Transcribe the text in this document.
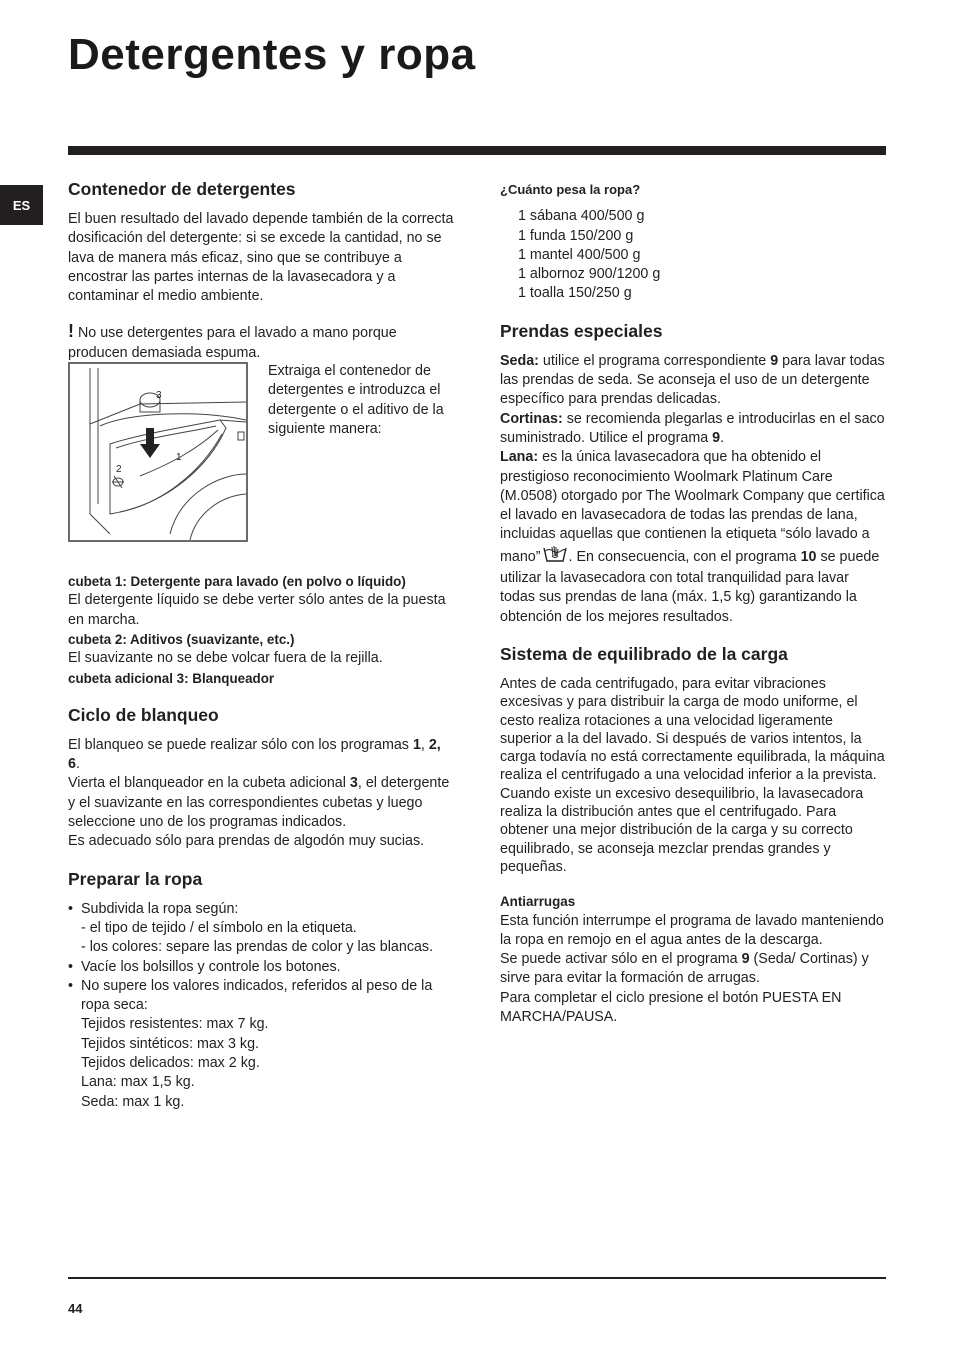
Detergentes y ropa
ES
Contenedor de detergentes

El buen resultado del lavado depende también de la correcta dosificación del detergente: si se excede la cantidad, no se lava de manera más eficaz, sino que se contribuye a encostrar las partes internas de la lavasecadora y a contaminar el medio ambiente.

! No use detergentes para el lavado a mano porque producen demasiada espuma.

3
2
1

Extraiga el contenedor de detergentes e introduzca el detergente o el aditivo de la siguiente manera:

cubeta 1: Detergente para lavado (en polvo o líquido)

El detergente líquido se debe verter sólo antes de la puesta en marcha.

cubeta 2: Aditivos (suavizante, etc.)

El suavizante no se debe volcar fuera de la rejilla.

cubeta adicional 3: Blanqueador

Ciclo de blanqueo

El blanqueo se puede realizar sólo con los programas 1, 2, 6.

Vierta el blanqueador en la cubeta adicional 3, el detergente y el suavizante en las correspondientes cubetas y luego seleccione uno de los programas indicados.

Es adecuado sólo para prendas de algodón muy sucias.

Preparar la ropa

• Subdivida la ropa según:

- el tipo de tejido / el símbolo en la etiqueta.

- los colores: separe las prendas de color y las blancas.

• Vacíe los bolsillos y controle los botones.

• No supere los valores indicados, referidos al peso de la ropa seca:

Tejidos resistentes: max 7 kg.
Tejidos sintéticos: max 3 kg.
Tejidos delicados: max 2 kg.
Lana: max 1,5 kg.
Seda: max 1 kg.

¿Cuánto pesa la ropa?

1 sábana 400/500 g
1 funda 150/200 g
1 mantel 400/500 g
1 albornoz 900/1200 g
1 toalla 150/250 g
Prendas especiales

Seda: utilice el programa correspondiente 9 para lavar todas las prendas de seda. Se aconseja el uso de un detergente específico para prendas delicadas.

Cortinas: se recomienda plegarlas e introducirlas en el saco suministrado. Utilice el programa 9.

Lana: es la única lavasecadora que ha obtenido el prestigioso reconocimiento Woolmark Platinum Care (M.0508) otorgado por The Woolmark Company que certifica el lavado en lavasecadora de todas las prendas de lana, incluidas aquellas que contienen la etiqueta “sólo lavado a mano” . En consecuencia, con el programa 10 se puede utilizar la lavasecadora con total tranquilidad para lavar todas sus prendas de lana (máx. 1,5 kg) garantizando la obtención de los mejores resultados.

Sistema de equilibrado de la carga

Antes de cada centrifugado, para evitar vibraciones excesivas y para distribuir la carga de modo uniforme, el cesto realiza rotaciones a una velocidad ligeramente superior a la del lavado. Si después de varios intentos, la carga todavía no está correctamente equilibrada, la máquina realiza el centrifugado a una velocidad inferior a la prevista. Cuando existe un excesivo desequilibrio, la lavasecadora realiza la distribución antes que el centrifugado. Para obtener una mejor distribución de la carga y su correcto equilibrado, se aconseja mezclar prendas grandes y pequeñas.

Antiarrugas

Esta función interrumpe el programa de lavado manteniendo la ropa en remojo en el agua antes de la descarga.

Se puede activar sólo en el programa 9 (Seda/ Cortinas) y sirve para evitar la formación de arrugas.

Para completar el ciclo presione el botón PUESTA EN MARCHA/PAUSA.

44
